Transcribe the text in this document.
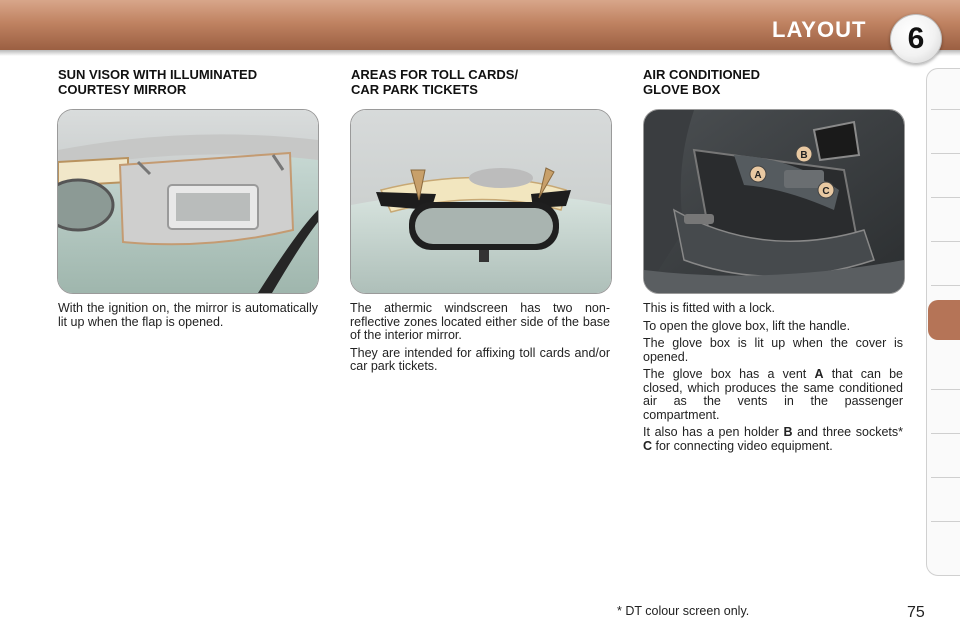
LAYOUT	6
SUN VISOR WITH ILLUMINATED
COURTESY MIRROR

With the ignition on, the mirror is automatically lit up when the flap is opened.

AREAS FOR TOLL CARDS/
CAR PARK TICKETS

The athermic windscreen has two non-reflective zones located either side of the base of the interior mirror.

They are intended for affixing toll cards and/or car park tickets.

AIR CONDITIONED
GLOVE BOX
B
C
A

This is fitted with a lock.

To open the glove box, lift the handle.

The glove box is lit up when the cover is opened.

The glove box has a vent A that can be closed, which produces the same conditioned air as the vents in the passenger compartment.

It also has a pen holder B and three sockets* C for connecting video equipment.

* DT colour screen only.	75
